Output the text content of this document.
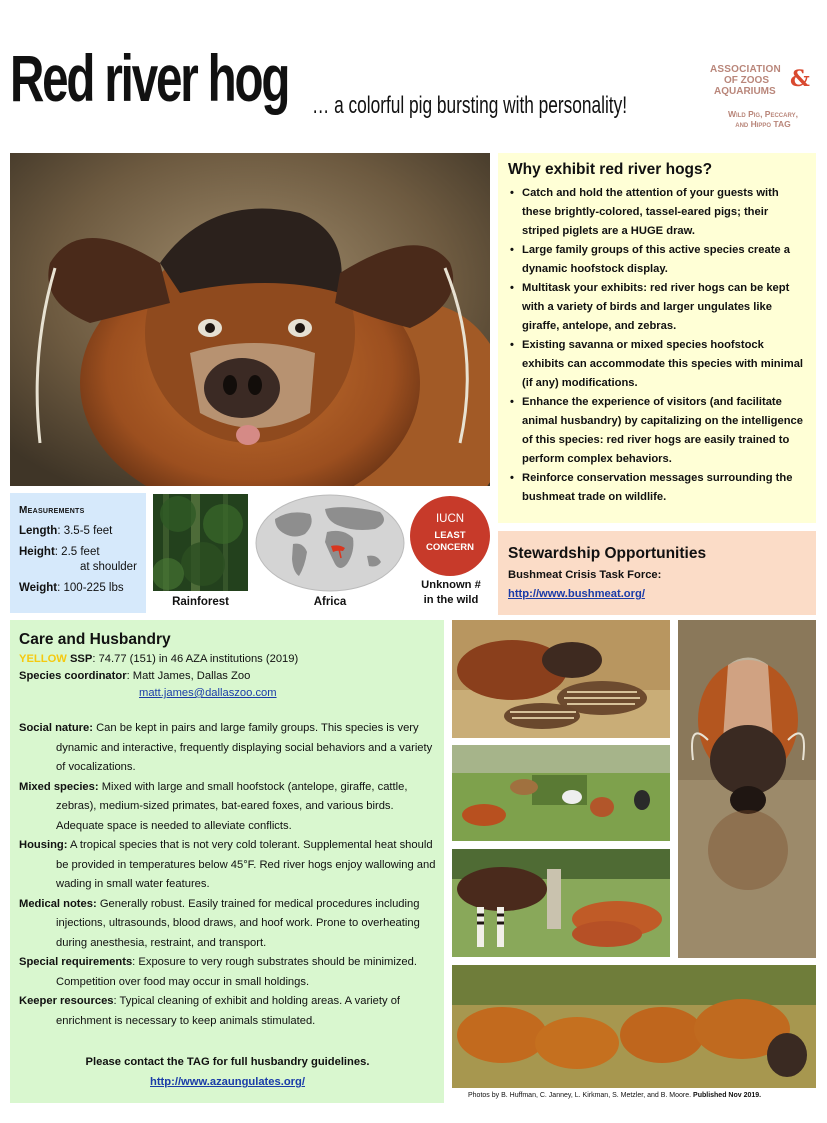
Red river hog … a colorful pig bursting with personality!
ASSOCIATION
OF ZOOS
AQUARIUMS &
Wild Pig, Peccary,
and Hippo TAG
Why exhibit red river hogs?
• Catch and hold the attention of your guests with these brightly-colored, tassel-eared pigs; their striped piglets are a HUGE draw.
• Large family groups of this active species create a dynamic hoofstock display.
• Multitask your exhibits: red river hogs can be kept with a variety of birds and larger ungulates like giraffe, antelope, and zebras.
• Existing savanna or mixed species hoofstock exhibits can accommodate this species with minimal (if any) modifications.
• Enhance the experience of visitors (and facilitate animal husbandry) by capitalizing on the intelligence of this species: red river hogs are easily trained to perform complex behaviors.
• Reinforce conservation messages surrounding the bushmeat trade on wildlife.
Measurements
Length: 3.5-5 feet
Height: 2.5 feet
at shoulder
Weight: 100-225 lbs
Rainforest	Africa
IUCN
LEAST
CONCERN
Unknown #
in the wild
Stewardship Opportunities
Bushmeat Crisis Task Force:
http://www.bushmeat.org/
Care and Husbandry
YELLOW SSP: 74.77 (151) in 46 AZA institutions (2019)
Species coordinator: Matt James, Dallas Zoo
matt.james@dallaszoo.com
Social nature: Can be kept in pairs and large family groups. This species is very dynamic and interactive, frequently displaying social behaviors and a variety of vocalizations.
Mixed species: Mixed with large and small hoofstock (antelope, giraffe, cattle, zebras), medium-sized primates, bat-eared foxes, and various birds. Adequate space is needed to alleviate conflicts.
Housing: A tropical species that is not very cold tolerant. Supplemental heat should be provided in temperatures below 45°F. Red river hogs enjoy wallowing and wading in small water features.
Medical notes: Generally robust. Easily trained for medical procedures including injections, ultrasounds, blood draws, and hoof work. Prone to overheating during anesthesia, restraint, and transport.
Special requirements: Exposure to very rough substrates should be minimized. Competition over food may occur in small holdings.
Keeper resources: Typical cleaning of exhibit and holding areas. A variety of enrichment is necessary to keep animals stimulated.
Please contact the TAG for full husbandry guidelines.
http://www.azaungulates.org/
Photos by B. Huffman, C. Janney, L. Kirkman, S. Metzler, and B. Moore. Published Nov 2019.
